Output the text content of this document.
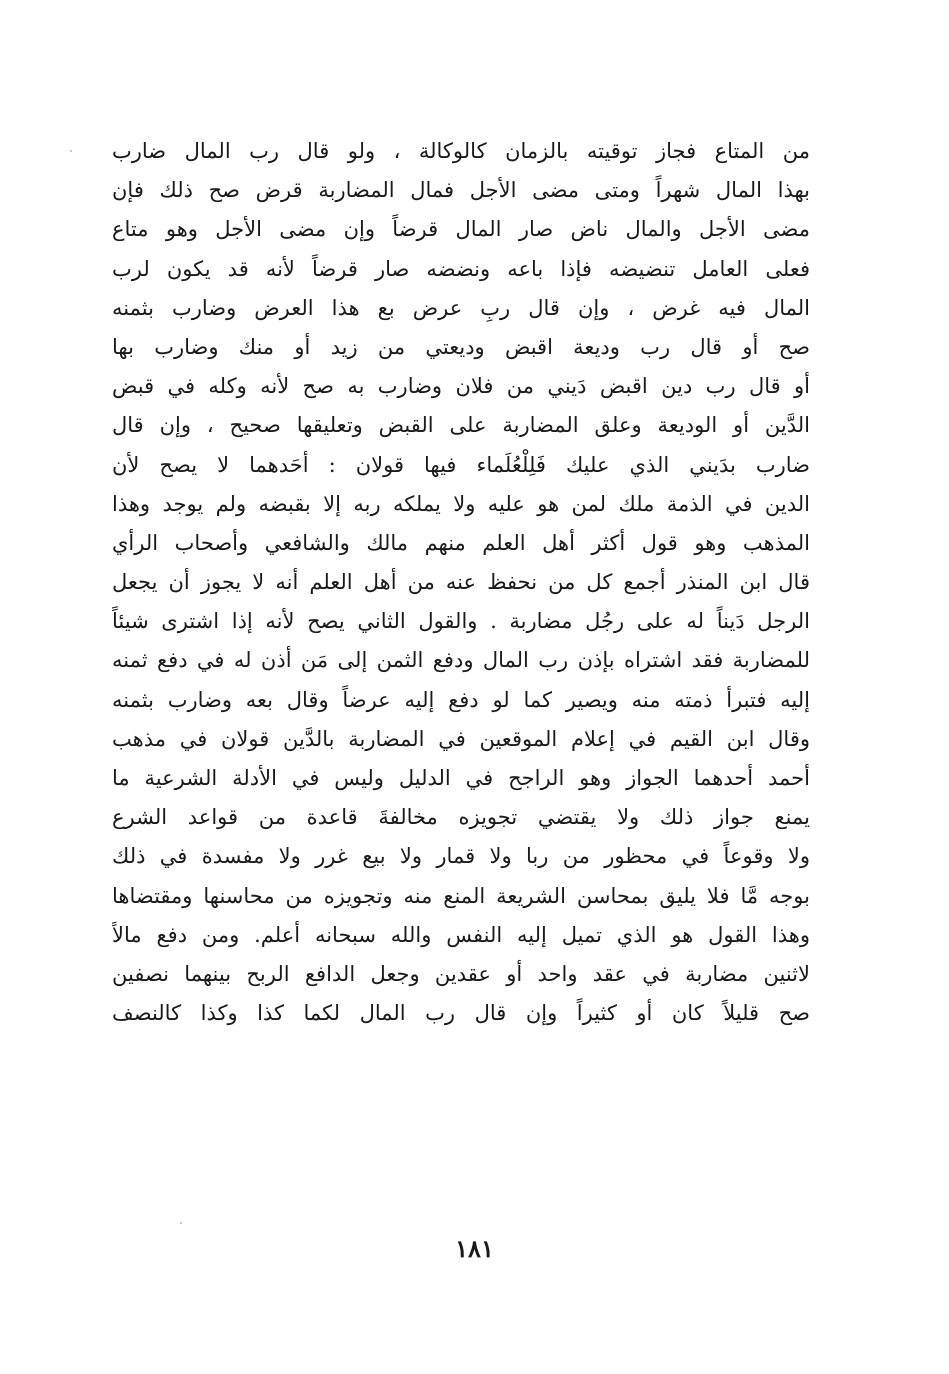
من المتاع فجاز توقيته بالزمان كالوكالة ، ولو قال رب المال ضارب
بهذا المال شهراً ومتى مضى الأجل فمال المضاربة قرض صح ذلك فإن
مضى الأجل والمال ناض صار المال قرضاً وإن مضى الأجل وهو متاع
فعلى العامل تنضيضه فإذا باعه ونضضه صار قرضاً لأنه قد يكون لرب
المال فيه غرض ، وإن قال ربِ عرض بع هذا العرض وضارب بثمنه
صح أو قال رب وديعة اقبض وديعتي من زيد أو منك وضارب بها
أو قال رب دين اقبض دَيني من فلان وضارب به صح لأنه وكله في قبض
الدَّين أو الوديعة وعلق المضاربة على القبض وتعليقها صحيح ، وإن قال
ضارب بدَيني الذي عليك فَلِلْعُلَماء فيها قولان : أحَدهما لا يصح لأن
الدين في الذمة ملك لمن هو عليه ولا يملكه ربه إلا بقبضه ولم يوجد وهذا
المذهب وهو قول أكثر أهل العلم منهم مالك والشافعي وأصحاب الرأي
قال ابن المنذر أجمع كل من نحفظ عنه من أهل العلم أنه لا يجوز أن يجعل
الرجل دَيناً له على رجُل مضاربة . والقول الثاني يصح لأنه إذا اشترى شيئاً
للمضاربة فقد اشتراه بإذن رب المال ودفع الثمن إلى مَن أذن له في دفع ثمنه
إليه فتبرأ ذمته منه ويصير كما لو دفع إليه عرضاً وقال بعه وضارب بثمنه
وقال ابن القيم في إعلام الموقعين في المضاربة بالدَّين قولان في مذهب
أحمد أحدهما الجواز وهو الراجح في الدليل وليس في الأدلة الشرعية ما
يمنع جواز ذلك ولا يقتضي تجويزه مخالفةَ قاعدة من قواعد الشرع
ولا وقوعاً في محظور من ربا ولا قمار ولا بيع غرر ولا مفسدة في ذلك
بوجه مَّا فلا يليق بمحاسن الشريعة المنع منه وتجويزه من محاسنها ومقتضاها
وهذا القول هو الذي تميل إليه النفس والله سبحانه أعلم. ومن دفع مالاً
لاثنين مضاربة في عقد واحد أو عقدين وجعل الدافع الربح بينهما نصفين
صح قليلاً كان أو كثيراً وإن قال رب المال لكما كذا وكذا كالنصف
١٨١
